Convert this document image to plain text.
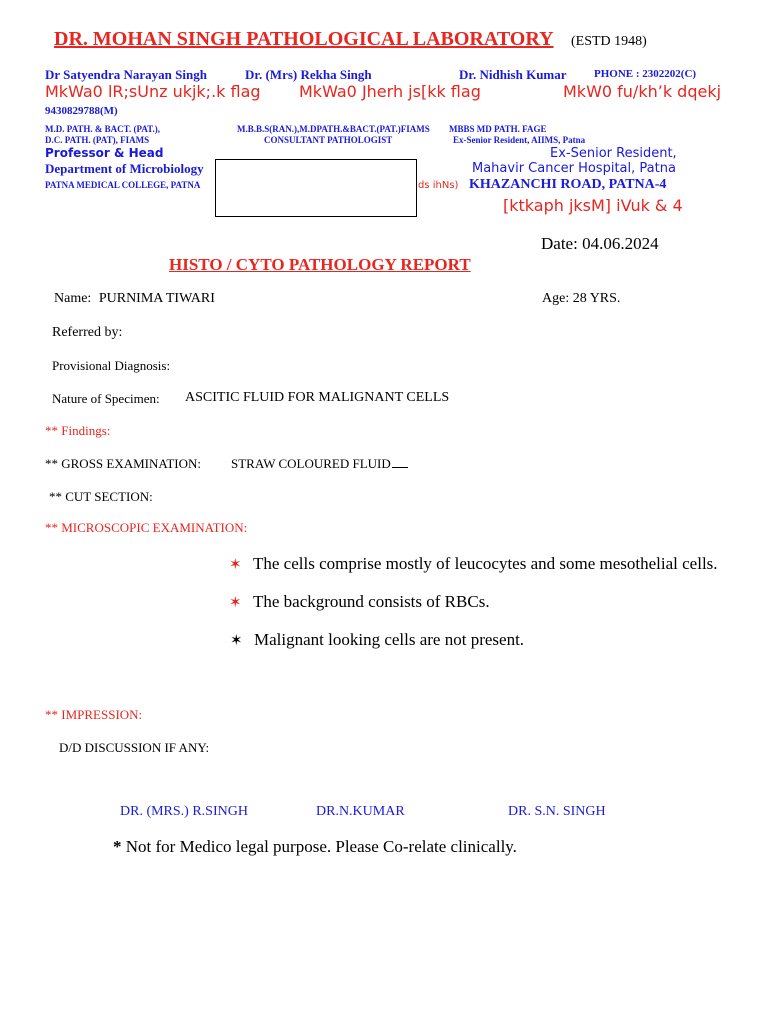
DR. MOHAN SINGH PATHOLOGICAL LABORATORY (ESTD 1948)
Dr Satyendra Narayan Singh	Dr. (Mrs) Rekha Singh	Dr. Nidhish Kumar PHONE : 2302202(C)
MkWa0 lR;sUnz ukjk;.k flag MkWa0 Jherh js[kk flag	MkW0 fu/kh’k dqekj
9430829788(M)
M.D. PATH. & BACT. (PAT.),
D.C. PATH. (PAT), FIAMS
Professor & Head
Department of Microbiology
PATNA MEDICAL COLLEGE, PATNA
M.B.B.S(RAN.),M.DPATH.&BACT.(PAT.)FIAMS
CONSULTANT PATHOLOGIST
MBBS MD PATH. FAGE
Ex-Senior Resident, AIIMS, Patna
Ex-Senior Resident,
Mahavir Cancer Hospital, Patna
ds ihNs) KHAZANCHI ROAD, PATNA-4
[ktkaph jksM] iVuk & 4
Date: 04.06.2024
HISTO / CYTO PATHOLOGY REPORT
Name: PURNIMA TIWARI	Age: 28 YRS.
Referred by:
Provisional Diagnosis:
Nature of Specimen: ASCITIC FLUID FOR MALIGNANT CELLS
** Findings:
** GROSS EXAMINATION: STRAW COLOURED FLUID
** CUT SECTION:
** MICROSCOPIC EXAMINATION:
✶ The cells comprise mostly of leucocytes and some mesothelial cells.
✶ The background consists of RBCs.
✶ Malignant looking cells are not present.
** IMPRESSION:
D/D DISCUSSION IF ANY:
DR. (MRS.) R.SINGH	DR.N.KUMAR	DR. S.N. SINGH
* Not for Medico legal purpose. Please Co-relate clinically.
